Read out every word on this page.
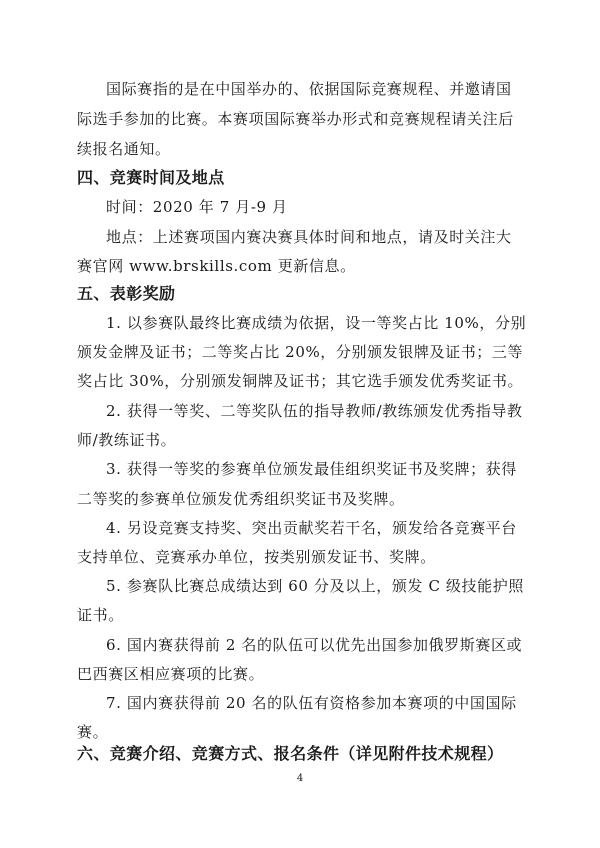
国际赛指的是在中国举办的、依据国际竞赛规程、并邀请国
际选手参加的比赛。本赛项国际赛举办形式和竞赛规程请关注后
续报名通知。
四、竞赛时间及地点
时间：2020 年 7 月-9 月
地点：上述赛项国内赛决赛具体时间和地点，请及时关注大
赛官网 www.brskills.com 更新信息。
五、表彰奖励
1. 以参赛队最终比赛成绩为依据，设一等奖占比 10%，分别
颁发金牌及证书；二等奖占比 20%，分别颁发银牌及证书；三等
奖占比 30%，分别颁发铜牌及证书；其它选手颁发优秀奖证书。
2. 获得一等奖、二等奖队伍的指导教师/教练颁发优秀指导教
师/教练证书。
3. 获得一等奖的参赛单位颁发最佳组织奖证书及奖牌；获得
二等奖的参赛单位颁发优秀组织奖证书及奖牌。
4. 另设竞赛支持奖、突出贡献奖若干名，颁发给各竞赛平台
支持单位、竞赛承办单位，按类别颁发证书、奖牌。
5. 参赛队比赛总成绩达到 60 分及以上，颁发 C 级技能护照
证书。
6. 国内赛获得前 2 名的队伍可以优先出国参加俄罗斯赛区或
巴西赛区相应赛项的比赛。
7. 国内赛获得前 20 名的队伍有资格参加本赛项的中国国际
赛。
六、竞赛介绍、竞赛方式、报名条件（详见附件技术规程）
4
